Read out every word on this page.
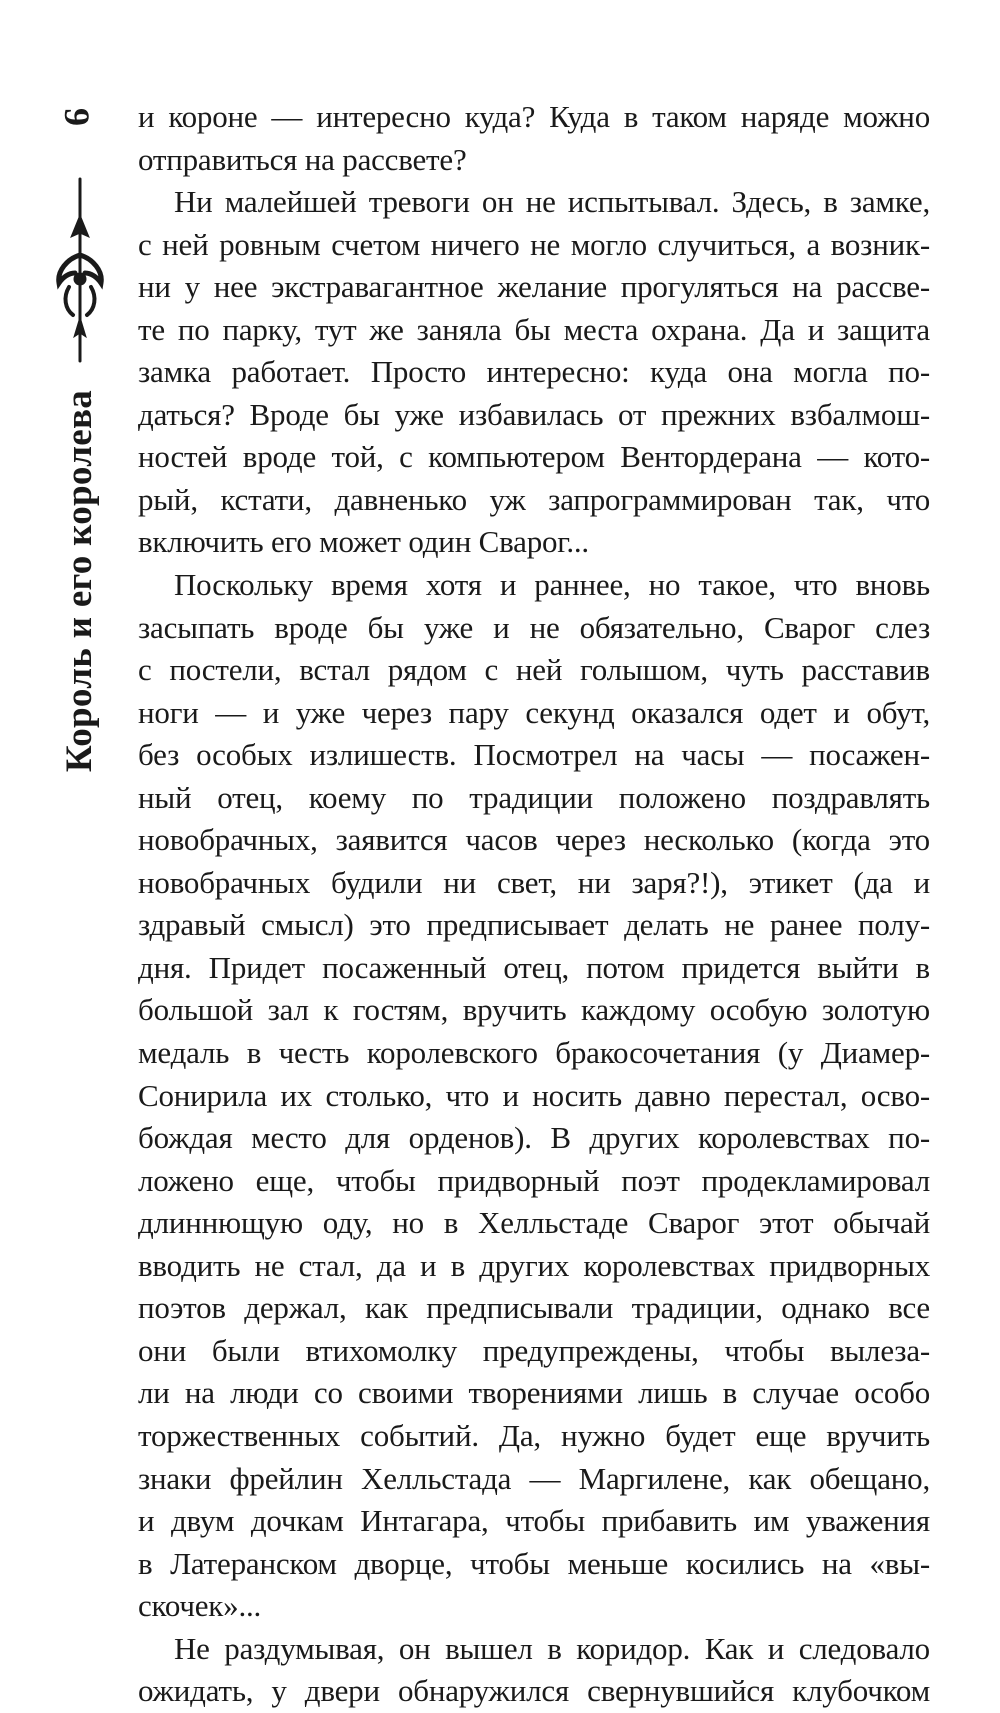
9
Король и его королева
и короне — интересно куда? Куда в таком наряде можно
отправиться на рассвете?
Ни малейшей тревоги он не испытывал. Здесь, в замке,
с ней ровным счетом ничего не могло случиться, а возник-
ни у нее экстравагантное желание прогуляться на рассве-
те по парку, тут же заняла бы места охрана. Да и защита
замка работает. Просто интересно: куда она могла по-
даться? Вроде бы уже избавилась от прежних взбалмош-
ностей вроде той, с компьютером Вентордерана — кото-
рый, кстати, давненько уж запрограммирован так, что
включить его может один Сварог...
Поскольку время хотя и раннее, но такое, что вновь
засыпать вроде бы уже и не обязательно, Сварог слез
с постели, встал рядом с ней голышом, чуть расставив
ноги — и уже через пару секунд оказался одет и обут,
без особых излишеств. Посмотрел на часы — посажен-
ный отец, коему по традиции положено поздравлять
новобрачных, заявится часов через несколько (когда это
новобрачных будили ни свет, ни заря?!), этикет (да и
здравый смысл) это предписывает делать не ранее полу-
дня. Придет посаженный отец, потом придется выйти в
большой зал к гостям, вручить каждому особую золотую
медаль в честь королевского бракосочетания (у Диамер-
Сонирила их столько, что и носить давно перестал, осво-
бождая место для орденов). В других королевствах по-
ложено еще, чтобы придворный поэт продекламировал
длиннющую оду, но в Хелльстаде Сварог этот обычай
вводить не стал, да и в других королевствах придворных
поэтов держал, как предписывали традиции, однако все
они были втихомолку предупреждены, чтобы вылеза-
ли на люди со своими творениями лишь в случае особо
торжественных событий. Да, нужно будет еще вручить
знаки фрейлин Хелльстада — Маргилене, как обещано,
и двум дочкам Интагара, чтобы прибавить им уважения
в Латеранском дворце, чтобы меньше косились на «вы-
скочек»...
Не раздумывая, он вышел в коридор. Как и следовало
ожидать, у двери обнаружился свернувшийся клубочком
